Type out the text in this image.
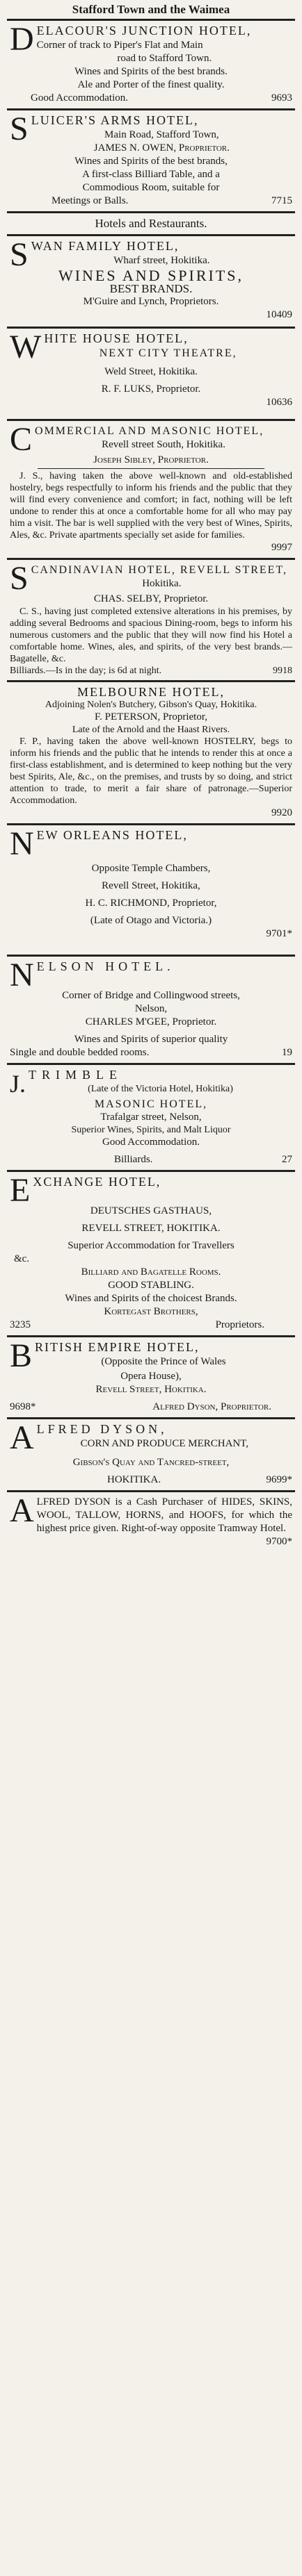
Stafford Town and the Waimea
DELACOUR'S JUNCTION HOTEL,
Corner of track to Piper's Flat and Main
road to Stafford Town.
Wines and Spirits of the best brands.
Ale and Porter of the finest quality.
Good Accommodation.	9693
SLUICER'S ARMS HOTEL,
Main Road, Stafford Town,
JAMES N. OWEN, Proprietor.
Wines and Spirits of the best brands,
A first-class Billiard Table, and a
Commodious Room, suitable for
Meetings or Balls.	7715
Hotels and Restaurants.
SWAN FAMILY HOTEL,
Wharf street, Hokitika.
WINES AND SPIRITS,
BEST BRANDS.
M'Guire and Lynch, Proprietors.
10409
WHITE HOUSE HOTEL,
NEXT CITY THEATRE,
Weld Street, Hokitika.
R. F. LUKS, Proprietor.
10636
COMMERCIAL AND MASONIC HOTEL,
Revell street South, Hokitika.
Joseph Sibley, Proprietor.
J. S., having taken the above well-known and old-established hostelry, begs respectfully to inform his friends and the public that they will find every convenience and comfort; in fact, nothing will be left undone to render this at once a comfortable home for all who may pay him a visit. The bar is well supplied with the very best of Wines, Spirits, Ales, &c. Private apartments specially set aside for families.
9997
SCANDINAVIAN HOTEL, REVELL STREET,
Hokitika.
CHAS. SELBY, Proprietor.
C. S., having just completed extensive alterations in his premises, by adding several Bedrooms and spacious Dining-room, begs to inform his numerous customers and the public that they will now find his Hotel a comfortable home. Wines, ales, and spirits, of the very best brands.—Bagatelle, &c.
Billiards.—Is in the day; is 6d at night.	9918
MELBOURNE HOTEL,
Adjoining Nolen's Butchery, Gibson's Quay, Hokitika.
F. PETERSON, Proprietor,
Late of the Arnold and the Haast Rivers.
F. P., having taken the above well-known HOSTELRY, begs to inform his friends and the public that he intends to render this at once a first-class establishment, and is determined to keep nothing but the very best Spirits, Ale, &c., on the premises, and trusts by so doing, and strict attention to trade, to merit a fair share of patronage.—Superior Accommodation.
9920
NEW ORLEANS HOTEL,
Opposite Temple Chambers,
Revell Street, Hokitika,
H. C. RICHMOND, Proprietor,
(Late of Otago and Victoria.)
9701*
NELSON HOTEL.
Corner of Bridge and Collingwood streets,
Nelson,
CHARLES M'GEE, Proprietor.
Wines and Spirits of superior quality
Single and double bedded rooms.	19
J. TRIMBLE
(Late of the Victoria Hotel, Hokitika)
MASONIC HOTEL,
Trafalgar street, Nelson,
Superior Wines, Spirits, and Malt Liquor
Good Accommodation.
Billiards.	27
EXCHANGE HOTEL,
DEUTSCHES GASTHAUS,
REVELL STREET, HOKITIKA.
Superior Accommodation for Travellers
&c.
Billiard and Bagatelle Rooms.
GOOD STABLING.
Wines and Spirits of the choicest Brands.
Kortegast Brothers,
3235	Proprietors.
BRITISH EMPIRE HOTEL,
(Opposite the Prince of Wales
Opera House),
Revell Street, Hokitika.
9698*	Alfred Dyson, Proprietor.
ALFRED DYSON,
CORN AND PRODUCE MERCHANT,
Gibson's Quay and Tancred-street,
HOKITIKA.	9699*
ALFRED DYSON is a Cash Purchaser of HIDES, SKINS, WOOL, TALLOW, HORNS, and HOOFS, for which the highest price given. Right-of-way opposite Tramway Hotel.
9700*
